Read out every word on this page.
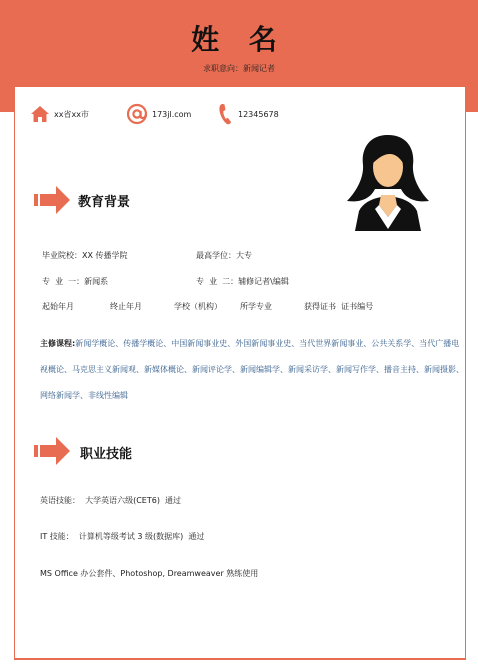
姓 名
求职意向：新闻记者
xx省xx市	173jl.com	12345678
教育背景
毕业院校：XX 传播学院	最高学位：大专
专  业  一：新闻系	专  业  二：辅修记者\编辑
起始年月	终止年月	学校（机构） 所学专业	获得证书  证书编号
主修课程:新闻学概论、传播学概论、中国新闻事业史、外国新闻事业史、当代世界新闻事业、公共关系学、当代广播电视概论、马克思主义新闻观、新媒体概论、新闻评论学、新闻编辑学、新闻采访学、新闻写作学、播音主持、新闻摄影、网络新闻学、非线性编辑
职业技能
英语技能：  大学英语六级(CET6)  通过
IT 技能：  计算机等级考试 3 级(数据库)  通过
MS Office 办公套件、Photoshop, Dreamweaver 熟练使用
